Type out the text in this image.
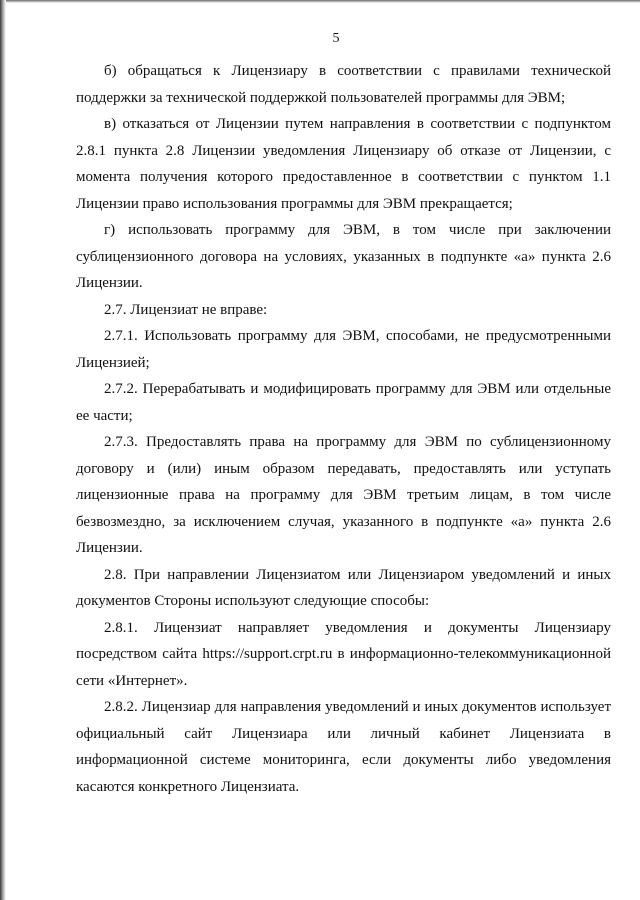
5

б) обращаться к Лицензиару в соответствии с правилами технической поддержки за технической поддержкой пользователей программы для ЭВМ;

в) отказаться от Лицензии путем направления в соответствии с подпунктом 2.8.1 пункта 2.8 Лицензии уведомления Лицензиару об отказе от Лицензии, с момента получения которого предоставленное в соответствии с пунктом 1.1 Лицензии право использования программы для ЭВМ прекращается;

г) использовать программу для ЭВМ, в том числе при заключении сублицензионного договора на условиях, указанных в подпункте «а» пункта 2.6 Лицензии.

2.7. Лицензиат не вправе:

2.7.1. Использовать программу для ЭВМ, способами, не предусмотренными Лицензией;

2.7.2. Перерабатывать и модифицировать программу для ЭВМ или отдельные ее части;

2.7.3. Предоставлять права на программу для ЭВМ по сублицензионному договору и (или) иным образом передавать, предоставлять или уступать лицензионные права на программу для ЭВМ третьим лицам, в том числе безвозмездно, за исключением случая, указанного в подпункте «а» пункта 2.6 Лицензии.

2.8. При направлении Лицензиатом или Лицензиаром уведомлений и иных документов Стороны используют следующие способы:

2.8.1. Лицензиат направляет уведомления и документы Лицензиару посредством сайта https://support.crpt.ru в информационно-телекоммуникационной сети «Интернет».

2.8.2. Лицензиар для направления уведомлений и иных документов использует официальный сайт Лицензиара или личный кабинет Лицензиата в информационной системе мониторинга, если документы либо уведомления касаются конкретного Лицензиата.
